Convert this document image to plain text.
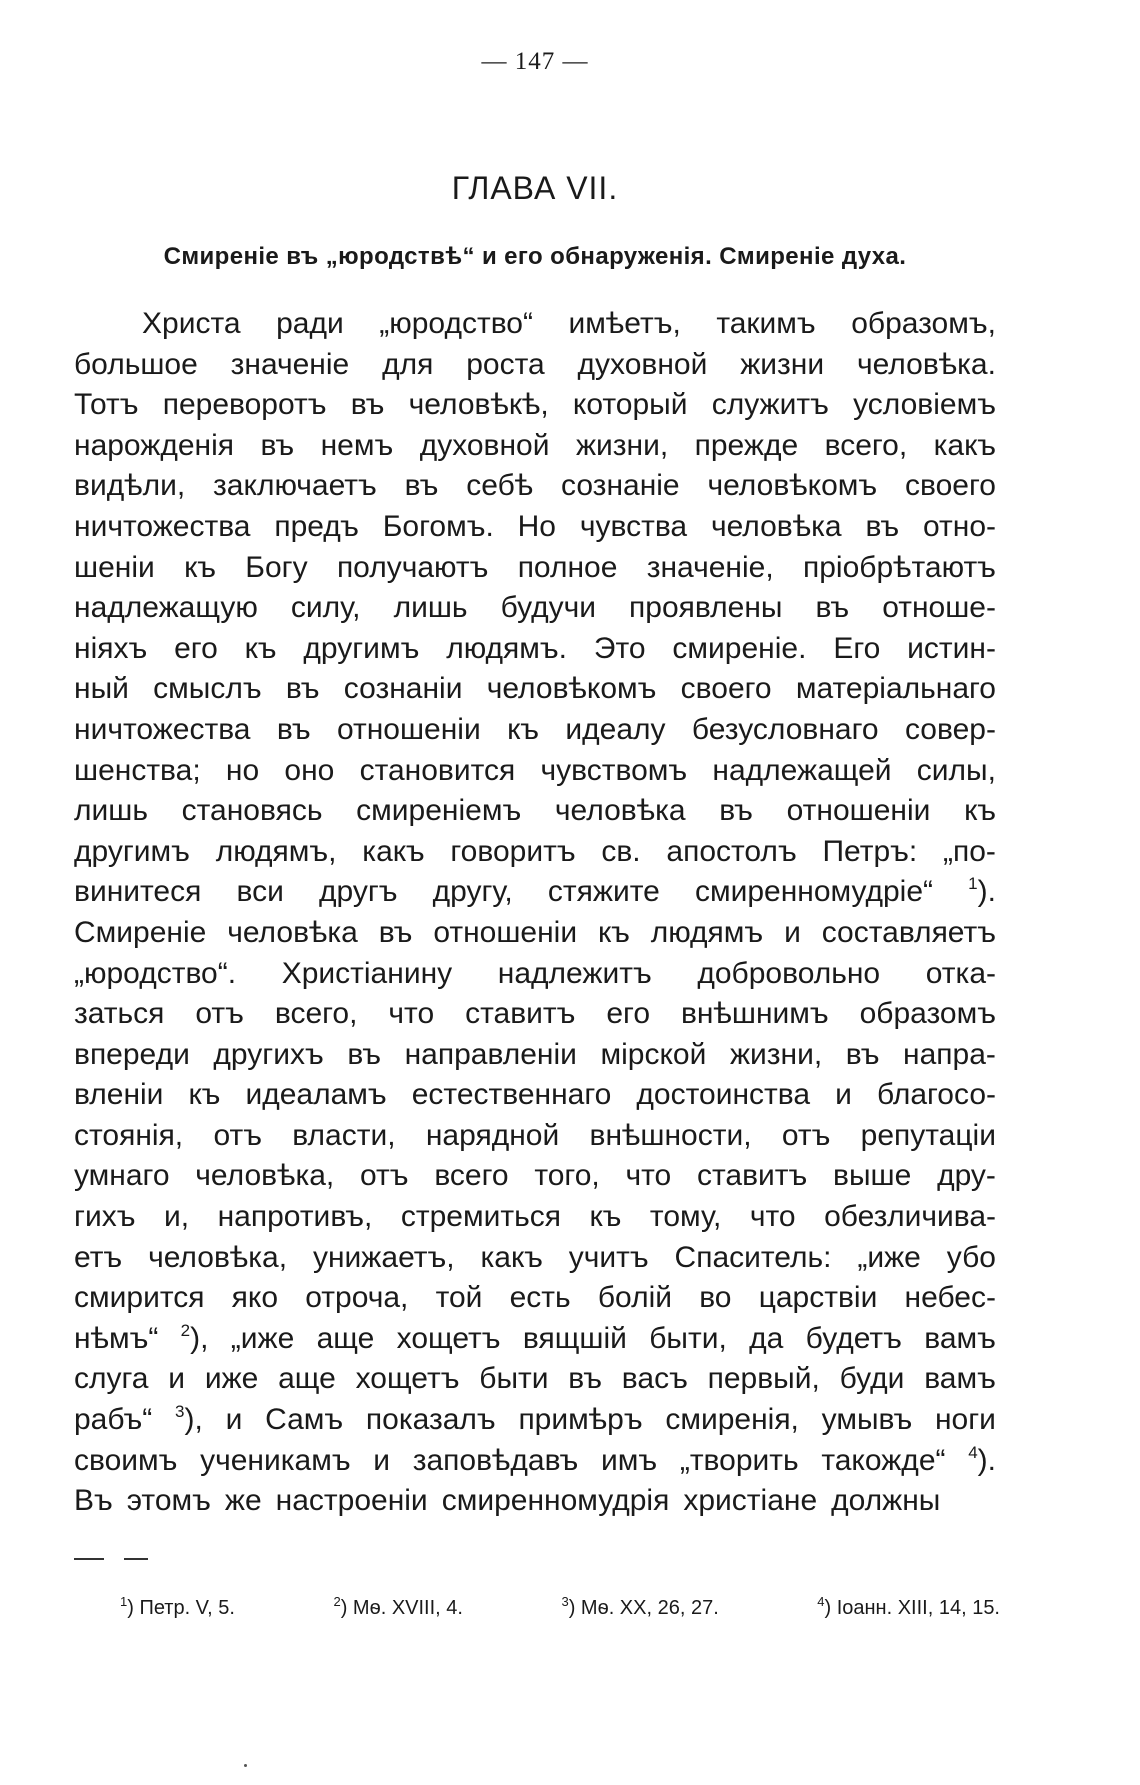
— 147 —
ГЛАВА VII.
Смиреніе въ „юродствѣ“ и его обнаруженія. Смиреніе духа.
Христа ради „юродство“ имѣетъ, такимъ образомъ,
большое значеніе для роста духовной жизни человѣка.
Тотъ переворотъ въ человѣкѣ, который служитъ условіемъ
нарожденія въ немъ духовной жизни, прежде всего, какъ
видѣли, заключаетъ въ себѣ сознаніе человѣкомъ своего
ничтожества предъ Богомъ. Но чувства человѣка въ отно-
шеніи къ Богу получаютъ полное значеніе, пріобрѣтаютъ
надлежащую силу, лишь будучи проявлены въ отноше-
ніяхъ его къ другимъ людямъ. Это смиреніе. Его истин-
ный смыслъ въ сознаніи человѣкомъ своего матеріальнаго
ничтожества въ отношеніи къ идеалу безусловнаго совер-
шенства; но оно становится чувствомъ надлежащей силы,
лишь становясь смиреніемъ человѣка въ отношеніи къ
другимъ людямъ, какъ говоритъ св. апостолъ Петръ: „по-
винитеся вси другъ другу, стяжите смиренномудріе“ $^1$).
Смиреніе человѣка въ отношеніи къ людямъ и составляетъ
„юродство“. Христіанину надлежитъ добровольно отка-
заться отъ всего, что ставитъ его внѣшнимъ образомъ
впереди другихъ въ направленіи мірской жизни, въ напра-
вленіи къ идеаламъ естественнаго достоинства и благосо-
стоянія, отъ власти, нарядной внѣшности, отъ репутаціи
умнаго человѣка, отъ всего того, что ставитъ выше дру-
гихъ и, напротивъ, стремиться къ тому, что обезличива-
етъ человѣка, унижаетъ, какъ учитъ Спаситель: „иже убо
смирится яко отроча, той есть болій во царствіи небес-
нѣмъ“ $^2$), „иже аще хощетъ вящшій быти, да будетъ вамъ
слуга и иже аще хощетъ быти въ васъ первый, буди вамъ
рабъ“ $^3$), и Самъ показалъ примѣръ смиренія, умывъ ноги
своимъ ученикамъ и заповѣдавъ имъ „творить такожде“ $^4$).
Въ этомъ же настроеніи смиренномудрія христіане должны
$^1$) Петр. V, 5.	$^2$) Мѳ. XVIII, 4.	$^3$) Мѳ. XX, 26, 27.	$^4$) Іоанн. XIII, 14, 15.
